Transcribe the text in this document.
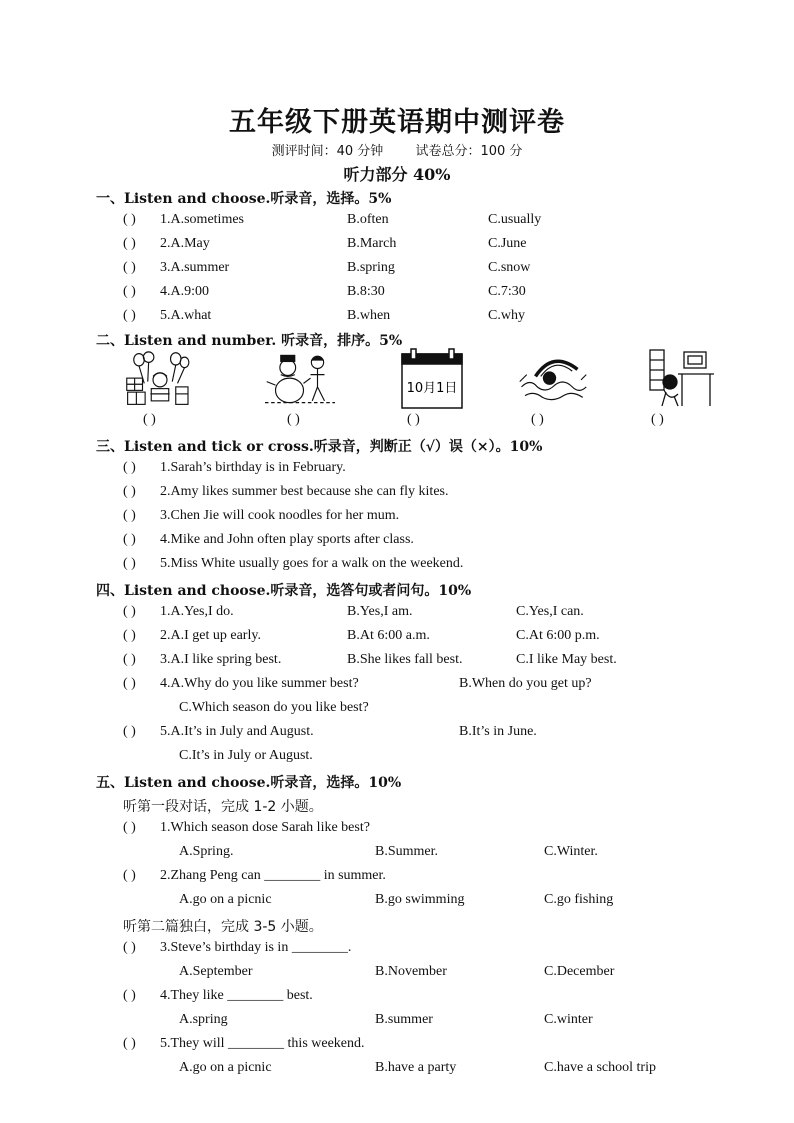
五年级下册英语期中测评卷
测评时间：40 分钟 试卷总分：100 分
听力部分 40%
一、Listen and choose.听录音，选择。5%
( ) 1.A.sometimes	B.often	C.usually
( ) 2.A.May	B.March	C.June
( ) 3.A.summer	B.spring	C.snow
( ) 4.A.9:00	B.8:30	C.7:30
( ) 5.A.what	B.when	C.why
二、Listen and number. 听录音，排序。5%
10月1日
( )	( )	( )	( )	( )
三、Listen and tick or cross.听录音，判断正（√）误（×）。10%
( ) 1.Sarah’s birthday is in February.
( ) 2.Amy likes summer best because she can fly kites.
( ) 3.Chen Jie will cook noodles for her mum.
( ) 4.Mike and John often play sports after class.
( ) 5.Miss White usually goes for a walk on the weekend.
四、Listen and choose.听录音，选答句或者问句。10%
( ) 1.A.Yes,I do.	B.Yes,I am.	C.Yes,I can.
( ) 2.A.I get up early.	B.At 6:00 a.m.	C.At 6:00 p.m.
( ) 3.A.I like spring best.	B.She likes fall best.	C.I like May best.
( ) 4.A.Why do you like summer best?	B.When do you get up?
C.Which season do you like best?
( ) 5.A.It’s in July and August.	B.It’s in June.
C.It’s in July or August.
五、Listen and choose.听录音，选择。10%
听第一段对话，完成 1-2 小题。
( ) 1.Which season dose Sarah like best?
A.Spring.	B.Summer.	C.Winter.
( ) 2.Zhang Peng can ________ in summer.
A.go on a picnic	B.go swimming	C.go fishing
听第二篇独白，完成 3-5 小题。
( ) 3.Steve’s birthday is in ________.
A.September	B.November	C.December
( ) 4.They like ________ best.
A.spring	B.summer	C.winter
( ) 5.They will ________ this weekend.
A.go on a picnic	B.have a party	C.have a school trip
